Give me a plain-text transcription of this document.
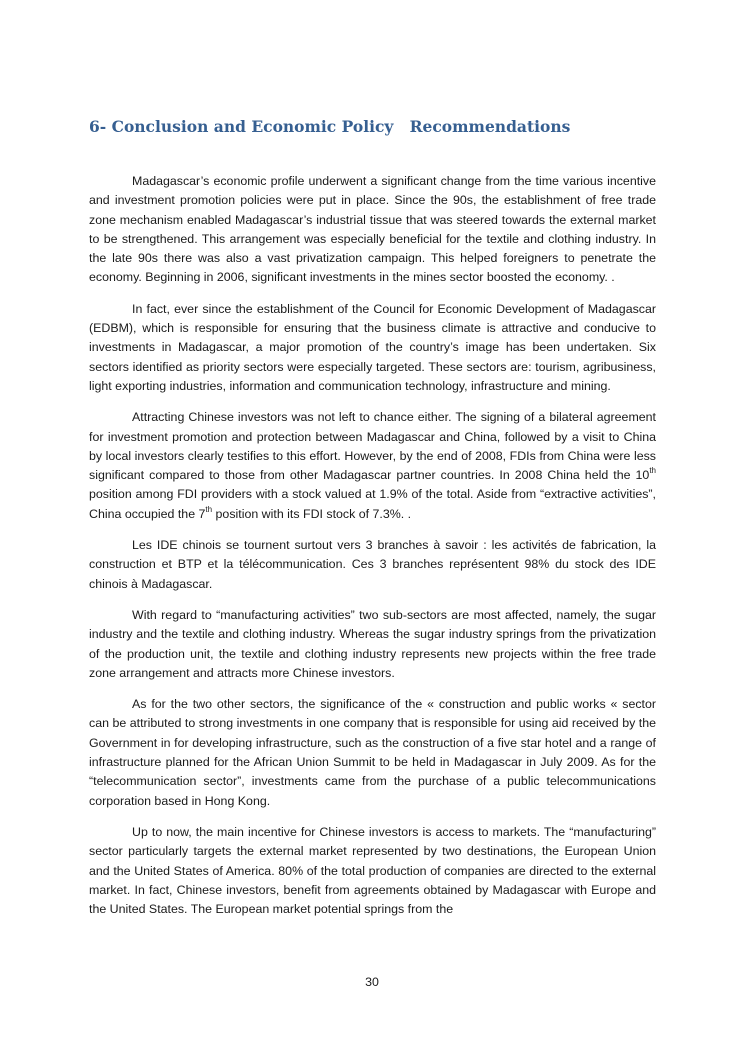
6- Conclusion and Economic Policy   Recommendations

Madagascar’s economic profile underwent a significant change from the time various incentive and investment promotion policies were put in place. Since the 90s, the establishment of free trade zone mechanism enabled Madagascar’s industrial tissue that was steered towards the external market to be strengthened. This arrangement was especially beneficial for the textile and clothing industry. In the late 90s there was also a vast privatization campaign. This helped foreigners to penetrate the economy. Beginning in 2006, significant investments in the mines sector boosted the economy. .

In fact, ever since the establishment of the Council for Economic Development of Madagascar (EDBM), which is responsible for ensuring that the business climate is attractive and conducive to investments in Madagascar, a major promotion of the country’s image has been undertaken. Six sectors identified as priority sectors were especially targeted. These sectors are: tourism, agribusiness, light exporting industries, information and communication technology, infrastructure and mining.

Attracting Chinese investors was not left to chance either. The signing of a bilateral agreement for investment promotion and protection between Madagascar and China, followed by a visit to China by local investors clearly testifies to this effort. However, by the end of 2008, FDIs from China were less significant compared to those from other Madagascar partner countries. In 2008 China held the 10th position among FDI providers with a stock valued at 1.9% of the total. Aside from “extractive activities”, China occupied the 7th position with its FDI stock of 7.3%. .

Les IDE chinois se tournent surtout vers 3 branches à savoir : les activités de fabrication, la construction et BTP et la télécommunication. Ces 3 branches représentent 98% du stock des IDE chinois à Madagascar.

With regard to “manufacturing activities” two sub-sectors are most affected, namely, the sugar industry and the textile and clothing industry. Whereas the sugar industry springs from the privatization of the production unit, the textile and clothing industry represents new projects within the free trade zone arrangement and attracts more Chinese investors.

As for the two other sectors, the significance of the « construction and public works « sector can be attributed to strong investments in one company that is responsible for using aid received by the Government in for developing infrastructure, such as the construction of a five star hotel and a range of infrastructure planned for the African Union Summit to be held in Madagascar in July 2009. As for the “telecommunication sector”, investments came from the purchase of a public telecommunications corporation based in Hong Kong.

Up to now, the main incentive for Chinese investors is access to markets. The “manufacturing” sector particularly targets the external market represented by two destinations, the European Union and the United States of America. 80% of the total production of companies are directed to the external market. In fact, Chinese investors, benefit from agreements obtained by Madagascar with Europe and the United States. The European market potential springs from the

30
